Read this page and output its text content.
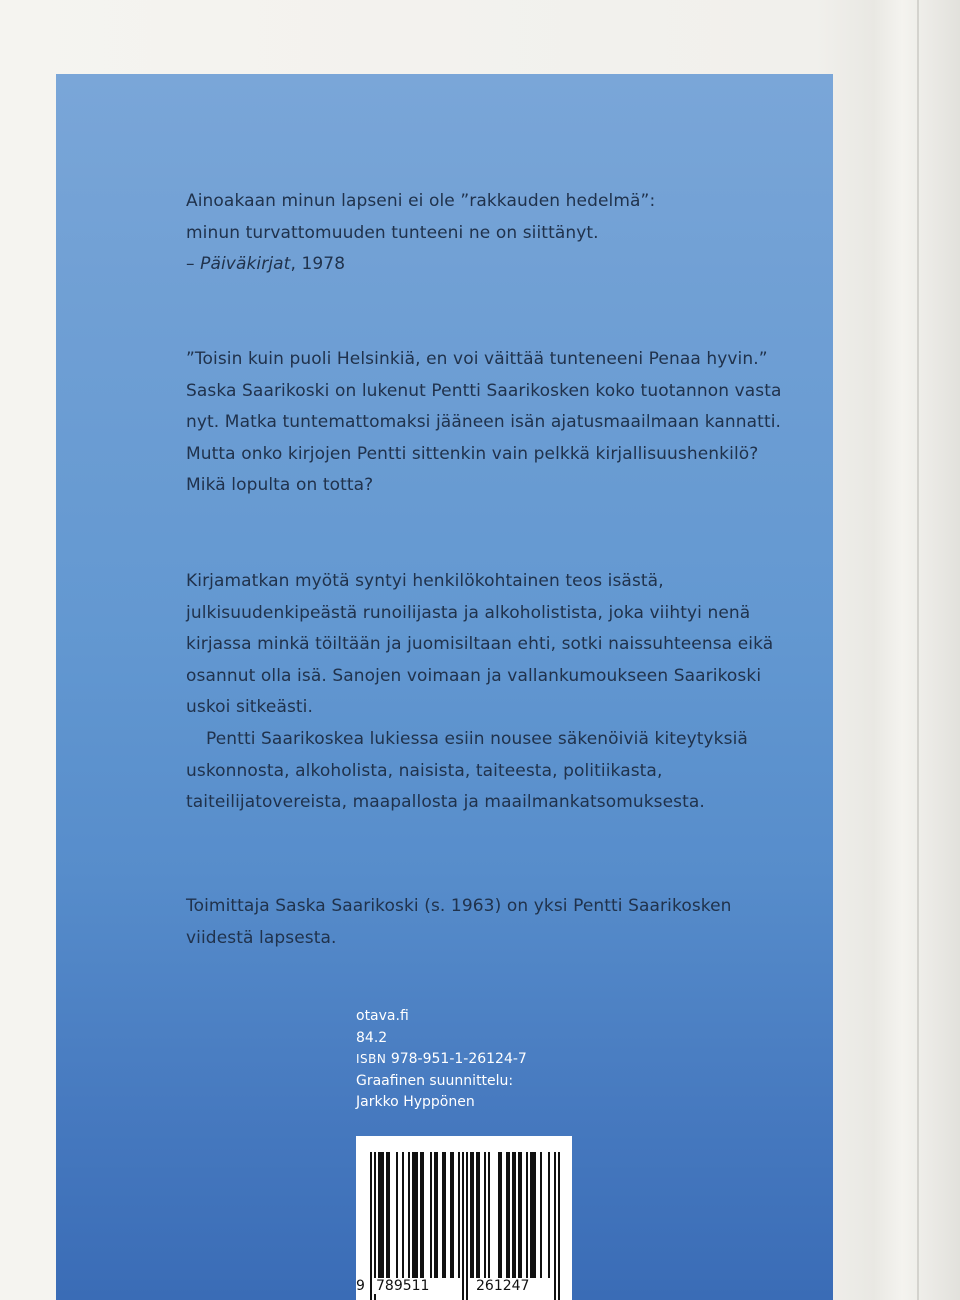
Ainoakaan minun lapseni ei ole ”rakkauden hedelmä”:

minun turvattomuuden tunteeni ne on siittänyt.

– Päiväkirjat, 1978

”Toisin kuin puoli Helsinkiä, en voi väittää tunteneeni Penaa hyvin.” Saska Saarikoski on lukenut Pentti Saarikosken koko tuotannon vasta nyt. Matka tuntemattomaksi jääneen isän ajatusmaailmaan kannatti. Mutta onko kirjojen Pentti sittenkin vain pelkkä kirjallisuushenkilö? Mikä lopulta on totta?

Kirjamatkan myötä syntyi henkilökohtainen teos isästä, julkisuudenkipeästä runoilijasta ja alkoholistista, joka viihtyi nenä kirjassa minkä töiltään ja juomisiltaan ehti, sotki naissuhteensa eikä osannut olla isä. Sanojen voimaan ja vallankumoukseen Saarikoski uskoi sitkeästi.

Pentti Saarikoskea lukiessa esiin nousee säkenöiviä kiteytyksiä uskonnosta, alkoholista, naisista, taiteesta, politiikasta, taiteilijatovereista, maapallosta ja maailmankatsomuksesta.

Toimittaja Saska Saarikoski (s. 1963) on yksi Pentti Saarikosken viidestä lapsesta.

otava.fi
84.2
ISBN 978-951-1-26124-7
Graafinen suunnittelu:
Jarkko Hyppönen
9 789511	261247
